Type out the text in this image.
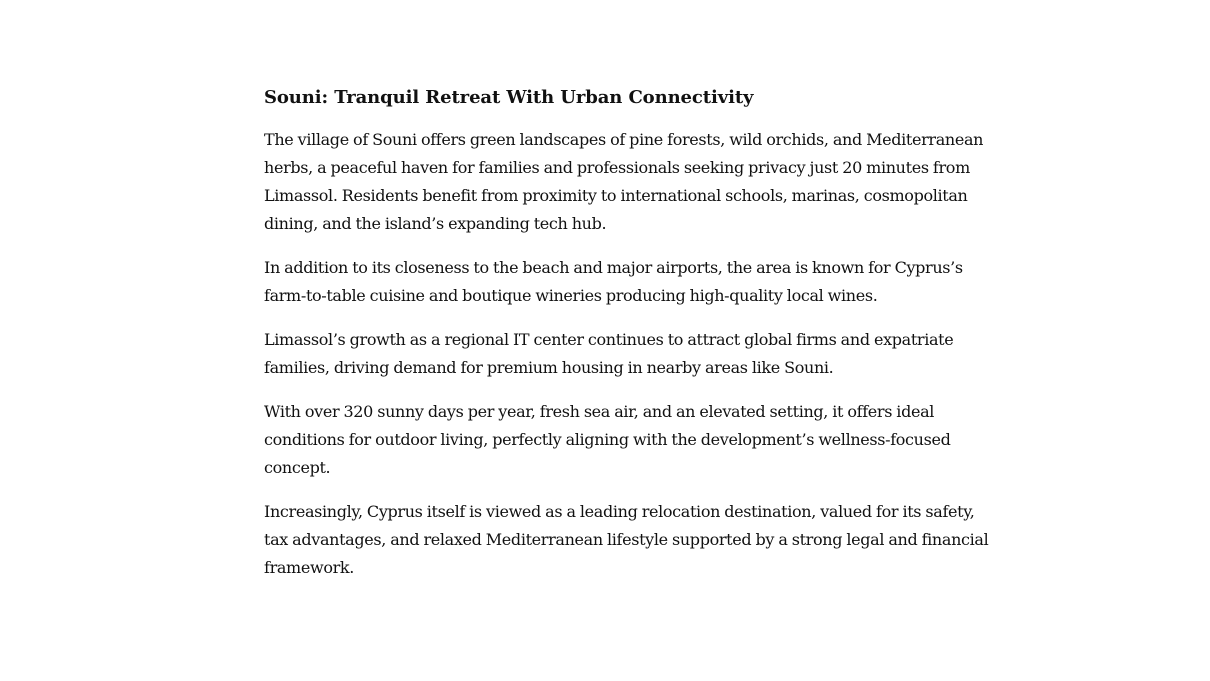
Souni: Tranquil Retreat With Urban Connectivity

The village of Souni offers green landscapes of pine forests, wild orchids, and Mediterranean herbs, a peaceful haven for families and professionals seeking privacy just 20 minutes from Limassol. Residents benefit from proximity to international schools, marinas, cosmopolitan dining, and the island’s expanding tech hub.

In addition to its closeness to the beach and major airports, the area is known for Cyprus’s farm-to-table cuisine and boutique wineries producing high-quality local wines.

Limassol’s growth as a regional IT center continues to attract global firms and expatriate families, driving demand for premium housing in nearby areas like Souni.

With over 320 sunny days per year, fresh sea air, and an elevated setting, it offers ideal conditions for outdoor living, perfectly aligning with the development’s wellness-focused concept.

Increasingly, Cyprus itself is viewed as a leading relocation destination, valued for its safety, tax advantages, and relaxed Mediterranean lifestyle supported by a strong legal and financial framework.
